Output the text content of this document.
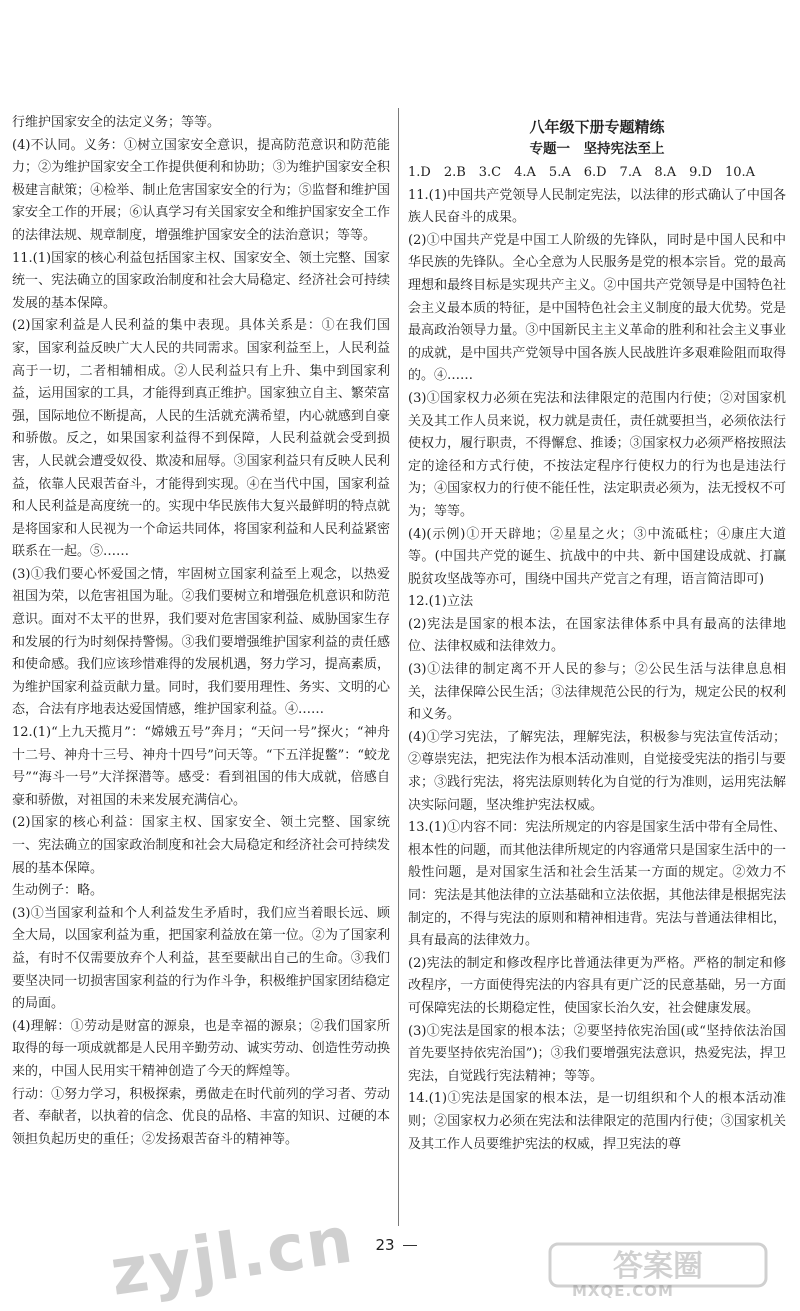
行维护国家安全的法定义务；等等。

(4)不认同。义务：①树立国家安全意识，提高防范意识和防范能力；②为维护国家安全工作提供便利和协助；③为维护国家安全积极建言献策；④检举、制止危害国家安全的行为；⑤监督和维护国家安全工作的开展；⑥认真学习有关国家安全和维护国家安全工作的法律法规、规章制度，增强维护国家安全的法治意识；等等。

11.(1)国家的核心利益包括国家主权、国家安全、领土完整、国家统一、宪法确立的国家政治制度和社会大局稳定、经济社会可持续发展的基本保障。

(2)国家利益是人民利益的集中表现。具体关系是：①在我们国家，国家利益反映广大人民的共同需求。国家利益至上，人民利益高于一切，二者相辅相成。②人民利益只有上升、集中到国家利益，运用国家的工具，才能得到真正维护。国家独立自主、繁荣富强，国际地位不断提高，人民的生活就充满希望，内心就感到自豪和骄傲。反之，如果国家利益得不到保障，人民利益就会受到损害，人民就会遭受奴役、欺凌和屈辱。③国家利益只有反映人民利益，依靠人民艰苦奋斗，才能得到实现。④在当代中国，国家利益和人民利益是高度统一的。实现中华民族伟大复兴最鲜明的特点就是将国家和人民视为一个命运共同体，将国家利益和人民利益紧密联系在一起。⑤……

(3)①我们要心怀爱国之情，牢固树立国家利益至上观念，以热爱祖国为荣，以危害祖国为耻。②我们要树立和增强危机意识和防范意识。面对不太平的世界，我们要对危害国家利益、威胁国家生存和发展的行为时刻保持警惕。③我们要增强维护国家利益的责任感和使命感。我们应该珍惜难得的发展机遇，努力学习，提高素质，为维护国家利益贡献力量。同时，我们要用理性、务实、文明的心态，合法有序地表达爱国情感，维护国家利益。④……

12.(1)“上九天揽月”：“嫦娥五号”奔月；“天问一号”探火；“神舟十二号、神舟十三号、神舟十四号”问天等。“下五洋捉鳖”：“蛟龙号”“海斗一号”大洋探潜等。感受：看到祖国的伟大成就，倍感自豪和骄傲，对祖国的未来发展充满信心。

(2)国家的核心利益：国家主权、国家安全、领土完整、国家统一、宪法确立的国家政治制度和社会大局稳定和经济社会可持续发展的基本保障。

生动例子：略。

(3)①当国家利益和个人利益发生矛盾时，我们应当着眼长远、顾全大局，以国家利益为重，把国家利益放在第一位。②为了国家利益，有时不仅需要放弃个人利益，甚至要献出自己的生命。③我们要坚决同一切损害国家利益的行为作斗争，积极维护国家团结稳定的局面。

(4)理解：①劳动是财富的源泉，也是幸福的源泉；②我们国家所取得的每一项成就都是人民用辛勤劳动、诚实劳动、创造性劳动换来的，中国人民用实干精神创造了今天的辉煌等。

行动：①努力学习，积极探索，勇做走在时代前列的学习者、劳动者、奉献者，以执着的信念、优良的品格、丰富的知识、过硬的本领担负起历史的重任；②发扬艰苦奋斗的精神等。

八年级下册专题精练
专题一　坚持宪法至上

1.D　2.B　3.C　4.A　5.A　6.D　7.A　8.A　9.D　10.A

11.(1)中国共产党领导人民制定宪法，以法律的形式确认了中国各族人民奋斗的成果。

(2)①中国共产党是中国工人阶级的先锋队，同时是中国人民和中华民族的先锋队。全心全意为人民服务是党的根本宗旨。党的最高理想和最终目标是实现共产主义。②中国共产党领导是中国特色社会主义最本质的特征，是中国特色社会主义制度的最大优势。党是最高政治领导力量。③中国新民主主义革命的胜利和社会主义事业的成就，是中国共产党领导中国各族人民战胜许多艰难险阻而取得的。④……

(3)①国家权力必须在宪法和法律限定的范围内行使；②对国家机关及其工作人员来说，权力就是责任，责任就要担当，必须依法行使权力，履行职责，不得懈怠、推诿；③国家权力必须严格按照法定的途径和方式行使，不按法定程序行使权力的行为也是违法行为；④国家权力的行使不能任性，法定职责必须为，法无授权不可为；等等。

(4)(示例)①开天辟地；②星星之火；③中流砥柱；④康庄大道等。(中国共产党的诞生、抗战中的中共、新中国建设成就、打赢脱贫攻坚战等亦可，围绕中国共产党言之有理，语言简洁即可)

12.(1)立法

(2)宪法是国家的根本法，在国家法律体系中具有最高的法律地位、法律权威和法律效力。

(3)①法律的制定离不开人民的参与；②公民生活与法律息息相关，法律保障公民生活；③法律规范公民的行为，规定公民的权利和义务。

(4)①学习宪法，了解宪法，理解宪法，积极参与宪法宣传活动；②尊崇宪法，把宪法作为根本活动准则，自觉接受宪法的指引与要求；③践行宪法，将宪法原则转化为自觉的行为准则，运用宪法解决实际问题，坚决维护宪法权威。

13.(1)①内容不同：宪法所规定的内容是国家生活中带有全局性、根本性的问题，而其他法律所规定的内容通常只是国家生活中的一般性问题，是对国家生活和社会生活某一方面的规定。②效力不同：宪法是其他法律的立法基础和立法依据，其他法律是根据宪法制定的，不得与宪法的原则和精神相违背。宪法与普通法律相比，具有最高的法律效力。

(2)宪法的制定和修改程序比普通法律更为严格。严格的制定和修改程序，一方面使得宪法的内容具有更广泛的民意基础，另一方面可保障宪法的长期稳定性，使国家长治久安，社会健康发展。

(3)①宪法是国家的根本法；②要坚持依宪治国(或“坚持依法治国首先要坚持依宪治国”)；③我们要增强宪法意识，热爱宪法，捍卫宪法，自觉践行宪法精神；等等。

14.(1)①宪法是国家的根本法，是一切组织和个人的根本活动准则；②国家权力必须在宪法和法律限定的范围内行使；③国家机关及其工作人员要维护宪法的权威，捍卫宪法的尊

23
zyjl.cn	答案圈
MXQE.COM
